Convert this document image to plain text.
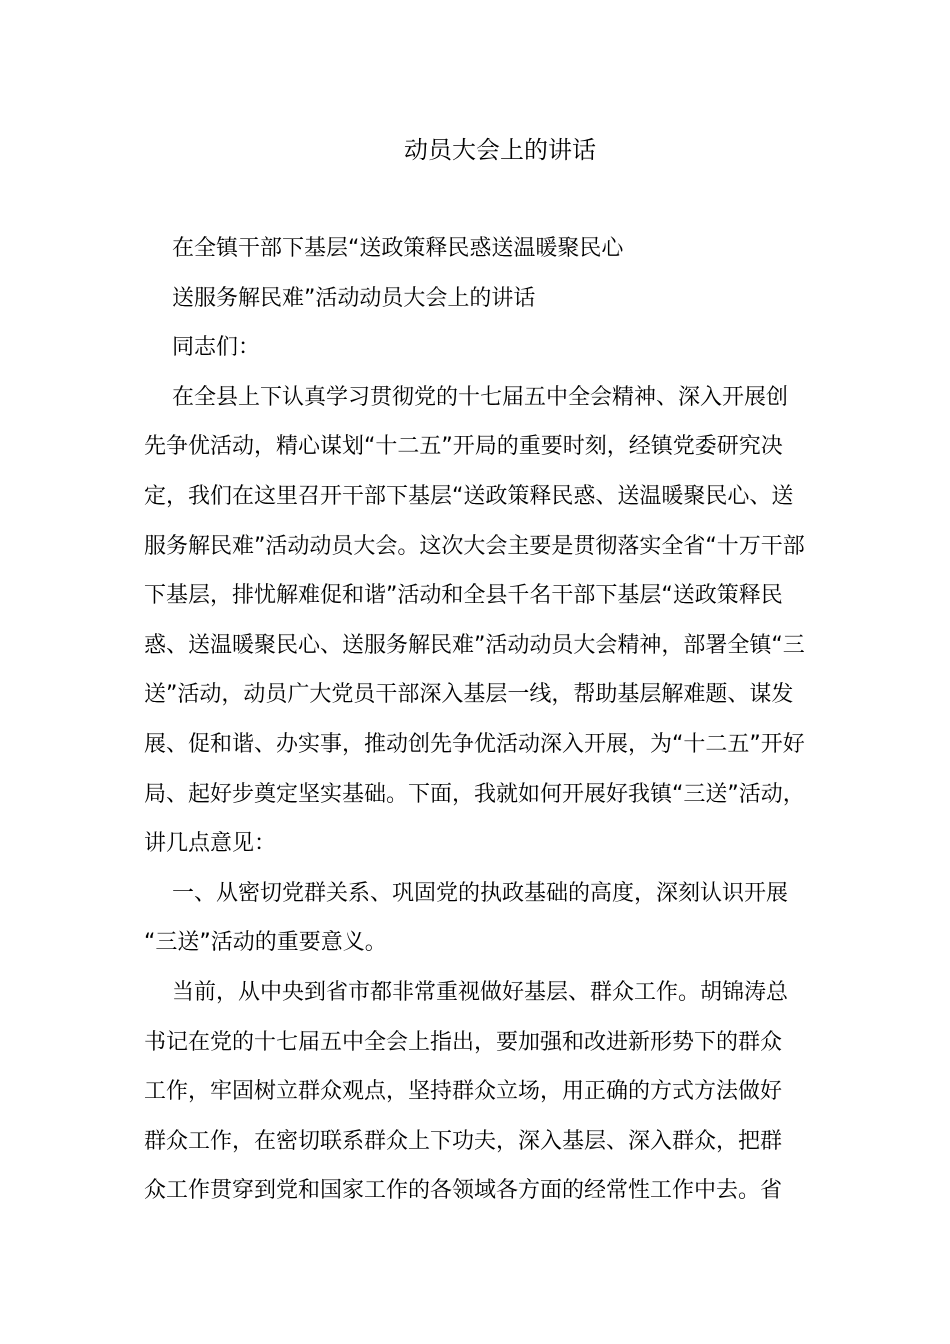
动员大会上的讲话
在全镇干部下基层“送政策释民惑送温暖聚民心
送服务解民难”活动动员大会上的讲话
同志们：
在全县上下认真学习贯彻党的十七届五中全会精神、深入开展创
先争优活动，精心谋划“十二五”开局的重要时刻，经镇党委研究决
定，我们在这里召开干部下基层“送政策释民惑、送温暖聚民心、送
服务解民难”活动动员大会。这次大会主要是贯彻落实全省“十万干部
下基层，排忧解难促和谐”活动和全县千名干部下基层“送政策释民
惑、送温暖聚民心、送服务解民难”活动动员大会精神，部署全镇“三
送”活动，动员广大党员干部深入基层一线，帮助基层解难题、谋发
展、促和谐、办实事，推动创先争优活动深入开展，为“十二五”开好
局、起好步奠定坚实基础。下面，我就如何开展好我镇“三送”活动，
讲几点意见：
一、从密切党群关系、巩固党的执政基础的高度，深刻认识开展
“三送”活动的重要意义。
当前，从中央到省市都非常重视做好基层、群众工作。胡锦涛总
书记在党的十七届五中全会上指出，要加强和改进新形势下的群众
工作，牢固树立群众观点，坚持群众立场，用正确的方式方法做好
群众工作，在密切联系群众上下功夫，深入基层、深入群众，把群
众工作贯穿到党和国家工作的各领域各方面的经常性工作中去。省
